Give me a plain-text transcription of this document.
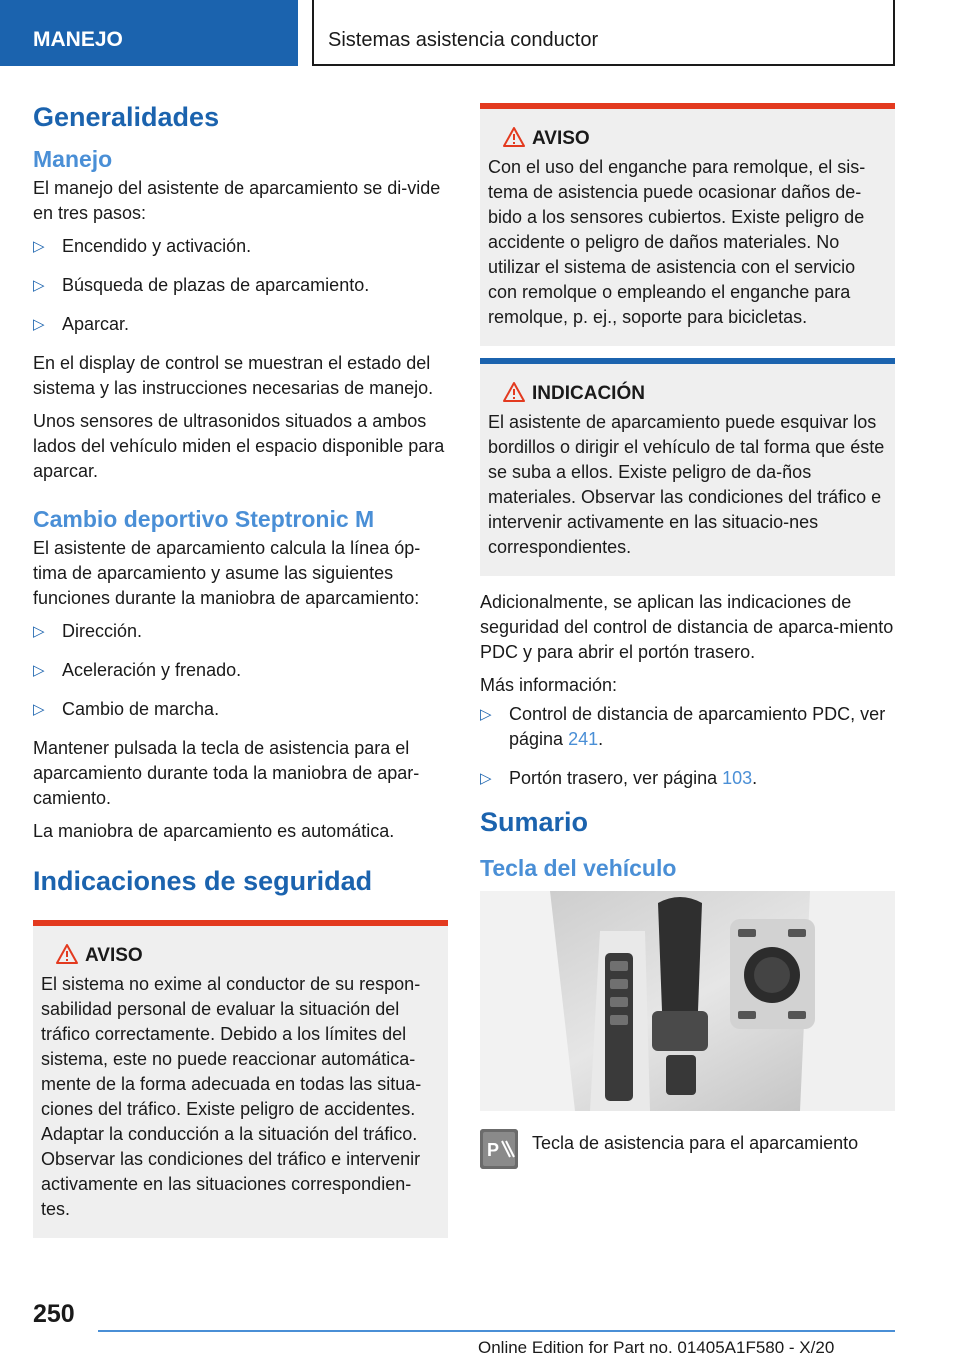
MANEJO	Sistemas asistencia conductor
Generalidades
Manejo

El manejo del asistente de aparcamiento se di-vide en tres pasos:

▷ Encendido y activación.
▷ Búsqueda de plazas de aparcamiento.
▷ Aparcar.

En el display de control se muestran el estado del sistema y las instrucciones necesarias de manejo.

Unos sensores de ultrasonidos situados a ambos lados del vehículo miden el espacio disponible para aparcar.

Cambio deportivo Steptronic M

El asistente de aparcamiento calcula la línea óp-tima de aparcamiento y asume las siguientes funciones durante la maniobra de aparcamiento:

▷ Dirección.
▷ Aceleración y frenado.
▷ Cambio de marcha.

Mantener pulsada la tecla de asistencia para el aparcamiento durante toda la maniobra de apar-camiento.

La maniobra de aparcamiento es automática.

Indicaciones de seguridad
AVISO

El sistema no exime al conductor de su respon-sabilidad personal de evaluar la situación del tráfico correctamente. Debido a los límites del sistema, este no puede reaccionar automática-mente de la forma adecuada en todas las situa-ciones del tráfico. Existe peligro de accidentes. Adaptar la conducción a la situación del tráfico. Observar las condiciones del tráfico e intervenir activamente en las situaciones correspondien-tes.

AVISO

Con el uso del enganche para remolque, el sis-tema de asistencia puede ocasionar daños de-bido a los sensores cubiertos. Existe peligro de accidente o peligro de daños materiales. No utilizar el sistema de asistencia con el servicio con remolque o empleando el enganche para remolque, p. ej., soporte para bicicletas.

INDICACIÓN

El asistente de aparcamiento puede esquivar los bordillos o dirigir el vehículo de tal forma que éste se suba a ellos. Existe peligro de da-ños materiales. Observar las condiciones del tráfico e intervenir activamente en las situacio-nes correspondientes.

Adicionalmente, se aplican las indicaciones de seguridad del control de distancia de aparca-miento PDC y para abrir el portón trasero.

Más información:

▷ Control de distancia de aparcamiento PDC, ver página 241.
▷ Portón trasero, ver página 103.
Sumario
Tecla del vehículo
P Tecla de asistencia para el aparcamiento

250
Online Edition for Part no. 01405A1F580 - X/20
